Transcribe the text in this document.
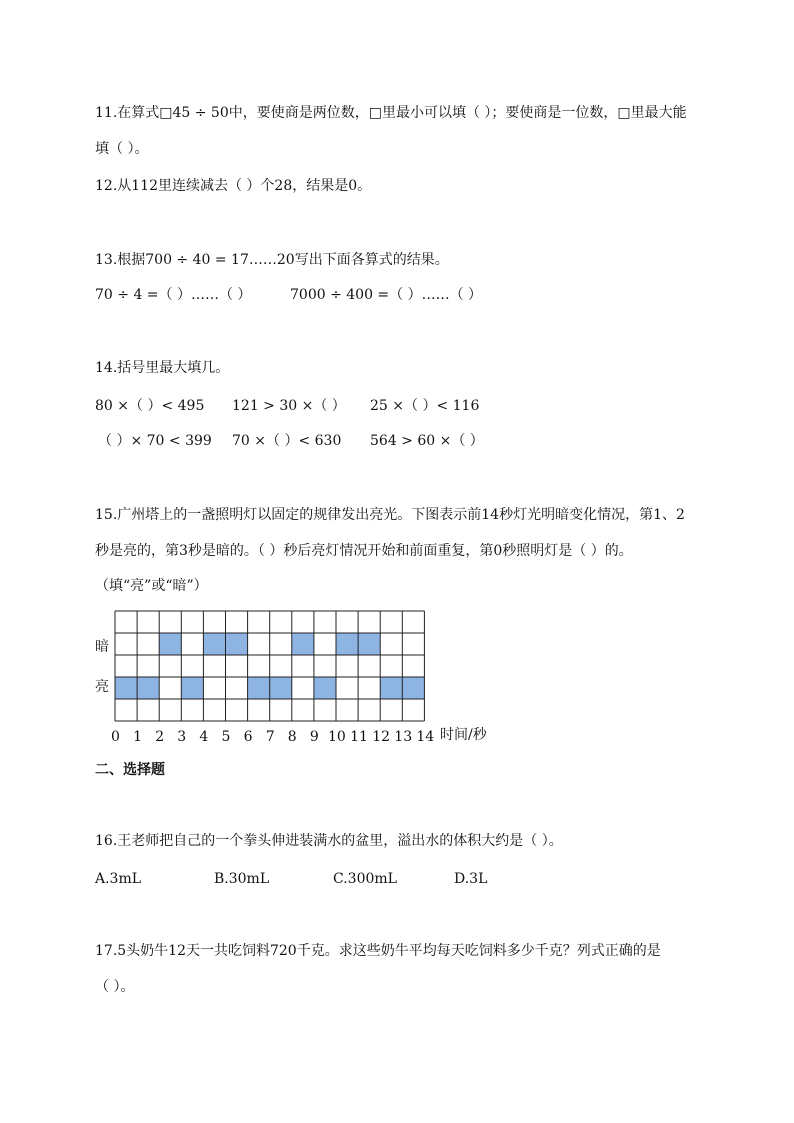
11.在算式□45 ÷ 50中，要使商是两位数，□里最小可以填（ ）；要使商是一位数，□里最大能
填（ ）。
12.从112里连续减去（ ）个28，结果是0。
13.根据700 ÷ 40 = 17……20写出下面各算式的结果。
70 ÷ 4 =（ ）……（ ）	7000 ÷ 400 =（ ）……（ ）
14.括号里最大填几。
80 ×（ ）< 495 121 > 30 ×（ ） 25 ×（ ）< 116
（ ）× 70 < 399 70 ×（ ）< 630 564 > 60 ×（ ）
15.广州塔上的一盏照明灯以固定的规律发出亮光。下图表示前14秒灯光明暗变化情况，第1、2
秒是亮的，第3秒是暗的。（ ）秒后亮灯情况开始和前面重复，第0秒照明灯是（ ）的。
（填“亮”或“暗”）
暗
亮
0 1 2 3 4 5 6 7 8 9 10 11 12 13 14 时间/秒
二、选择题
16.王老师把自己的一个拳头伸进装满水的盆里，溢出水的体积大约是（ ）。
A.3mL	B.30mL	C.300mL	D.3L
17.5头奶牛12天一共吃饲料720千克。求这些奶牛平均每天吃饲料多少千克？列式正确的是
（ ）。
